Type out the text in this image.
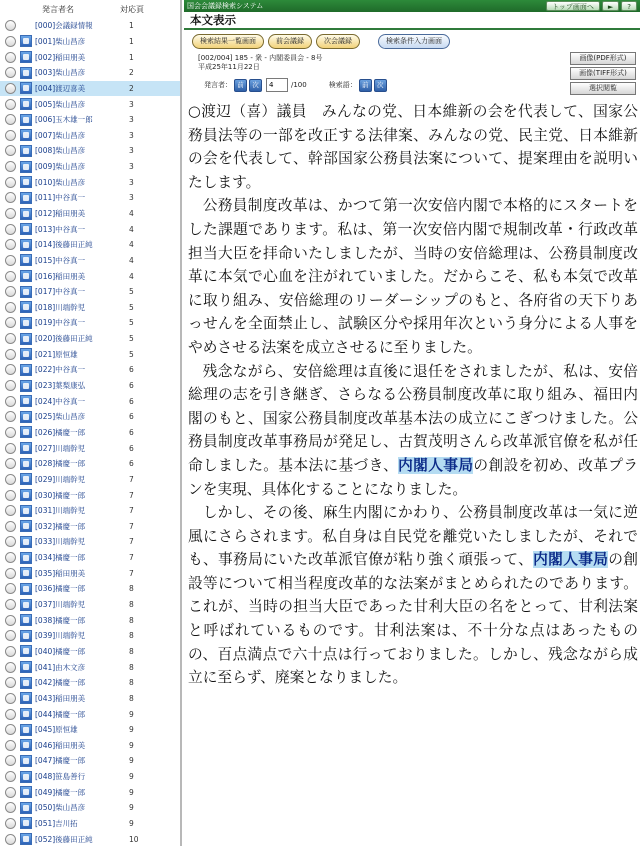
発言者名	対応頁
[000]会議録情報	1
[001]柴山昌彦	1
[002]稲田朋美	1
[003]柴山昌彦	2
[004]渡辺喜美	2
[005]柴山昌彦	3
[006]玉木雄一郎	3
[007]柴山昌彦	3
[008]柴山昌彦	3
[009]柴山昌彦	3
[010]柴山昌彦	3
[011]中谷真一	3
[012]稲田朋美	4
[013]中谷真一	4
[014]後藤田正純	4
[015]中谷真一	4
[016]稲田朋美	4
[017]中谷真一	5
[018]川端幹児	5
[019]中谷真一	5
[020]後藤田正純	5
[021]原恒雄	5
[022]中谷真一	6
[023]葉梨康弘	6
[024]中谷真一	6
[025]柴山昌彦	6
[026]橘慶一郎	6
[027]川端幹児	6
[028]橘慶一郎	6
[029]川端幹児	7
[030]橘慶一郎	7
[031]川端幹児	7
[032]橘慶一郎	7
[033]川端幹児	7
[034]橘慶一郎	7
[035]稲田朋美	7
[036]橘慶一郎	8
[037]川端幹児	8
[038]橘慶一郎	8
[039]川端幹児	8
[040]橘慶一郎	8
[041]由木文彦	8
[042]橘慶一郎	8
[043]稲田朋美	8
[044]橘慶一郎	9
[045]原恒雄	9
[046]稲田朋美	9
[047]橘慶一郎	9
[048]笹島善行	9
[049]橘慶一郎	9
[050]柴山昌彦	9
[051]吉川拓	9
[052]後藤田正純	10
国会会議録検索システム	トップ画面へ	►	?
本文表示
検索結果一覧画面	前会議録	次会議録	検索条件入力画面
[002/004] 185 - 衆 - 内閣委員会 - 8号
平成25年11月22日
発言者： 前	次
4	/100	検索語： 前	次
画像(PDF形式)
画像(TIFF形式)
選択閲覧

○渡辺（喜）議員　みんなの党、日本維新の会を代表して、国家公務員法等の一部を改正する法律案、みんなの党、民主党、日本維新の会を代表して、幹部国家公務員法案について、提案理由を説明いたします。

公務員制度改革は、かつて第一次安倍内閣で本格的にスタートをした課題であります。私は、第一次安倍内閣で規制改革・行政改革担当大臣を拝命いたしましたが、当時の安倍総理は、公務員制度改革に本気で心血を注がれていました。だからこそ、私も本気で改革に取り組み、安倍総理のリーダーシップのもと、各府省の天下りあっせんを全面禁止し、試験区分や採用年次という身分による人事をやめさせる法案を成立させるに至りました。

残念ながら、安倍総理は直後に退任をされましたが、私は、安倍総理の志を引き継ぎ、さらなる公務員制度改革に取り組み、福田内閣のもと、国家公務員制度改革基本法の成立にこぎつけました。公務員制度改革事務局が発足し、古賀茂明さんら改革派官僚を私が任命しました。基本法に基づき、内閣人事局の創設を初め、改革プランを実現、具体化することになりました。

しかし、その後、麻生内閣にかわり、公務員制度改革は一気に逆風にさらされます。私自身は自民党を離党いたしましたが、それでも、事務局にいた改革派官僚が粘り強く頑張って、内閣人事局の創設等について相当程度改革的な法案がまとめられたのであります。これが、当時の担当大臣であった甘利大臣の名をとって、甘利法案と呼ばれているものです。甘利法案は、不十分な点はあったものの、百点満点で六十点は行っておりました。しかし、残念ながら成立に至らず、廃案となりました。
